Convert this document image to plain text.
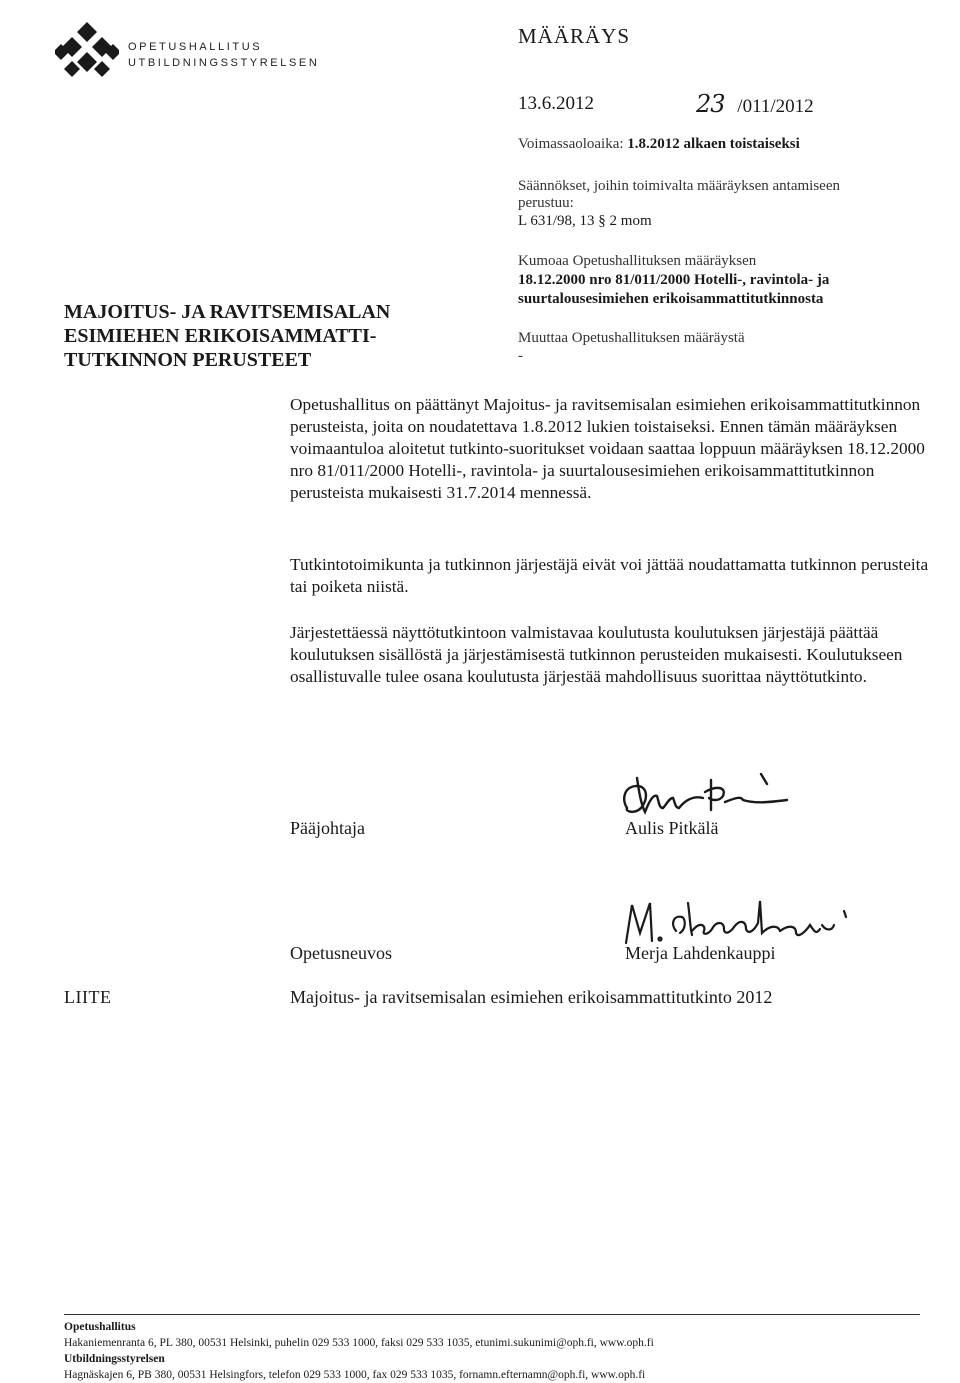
OPETUSHALLITUS
UTBILDNINGSSTYRELSEN
MÄÄRÄYS
13.6.2012	23 /011/2012
Voimassaoloaika: 1.8.2012 alkaen toistaiseksi
Säännökset, joihin toimivalta määräyksen antamiseen
perustuu:
L 631/98, 13 § 2 mom
Kumoaa Opetushallituksen määräyksen
18.12.2000 nro 81/011/2000 Hotelli-, ravintola- ja
suurtalousesimiehen erikoisammattitutkinnosta
Muuttaa Opetushallituksen määräystä
-
MAJOITUS- JA RAVITSEMISALAN
ESIMIEHEN ERIKOISAMMATTI-
TUTKINNON PERUSTEET

Opetushallitus on päättänyt Majoitus- ja ravitsemisalan esimiehen erikoisammattitutkinnon perusteista, joita on noudatettava 1.8.2012 lukien toistaiseksi. Ennen tämän määräyksen voimaantuloa aloitetut tutkinto-suoritukset voidaan saattaa loppuun määräyksen 18.12.2000 nro 81/011/2000 Hotelli-, ravintola- ja suurtalousesimiehen erikoisammattitutkinnon perusteista mukaisesti 31.7.2014 mennessä.

Tutkintotoimikunta ja tutkinnon järjestäjä eivät voi jättää noudattamatta tutkinnon perusteita tai poiketa niistä.

Järjestettäessä näyttötutkintoon valmistavaa koulutusta koulutuksen järjestäjä päättää koulutuksen sisällöstä ja järjestämisestä tutkinnon perusteiden mukaisesti. Koulutukseen osallistuvalle tulee osana koulutusta järjestää mahdollisuus suorittaa näyttötutkinto.

Pääjohtaja	Aulis Pitkälä
Opetusneuvos	Merja Lahdenkauppi
LIITE	Majoitus- ja ravitsemisalan esimiehen erikoisammattitutkinto 2012
Opetushallitus
Hakaniemenranta 6, PL 380, 00531 Helsinki, puhelin 029 533 1000, faksi 029 533 1035, etunimi.sukunimi@oph.fi, www.oph.fi
Utbildningsstyrelsen
Hagnäskajen 6, PB 380, 00531 Helsingfors, telefon 029 533 1000, fax 029 533 1035, fornamn.efternamn@oph.fi, www.oph.fi
